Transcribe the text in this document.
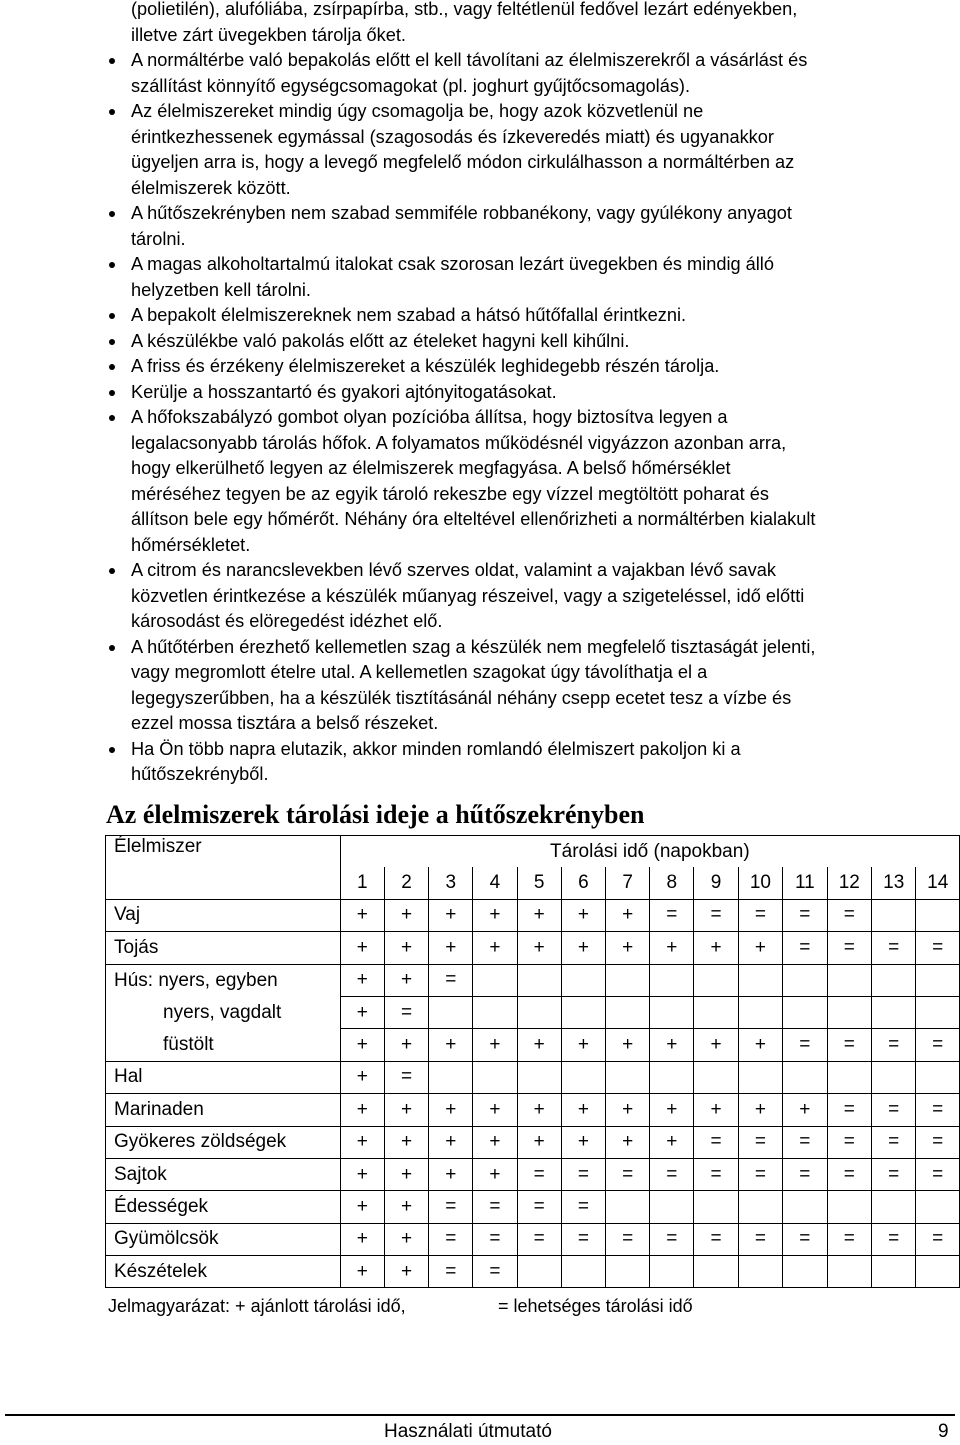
(polietilén), alufóliába, zsírpapírba, stb., vagy feltétlenül fedővel lezárt edényekben,
illetve zárt üvegekben tárolja őket.
A normáltérbe való bepakolás előtt el kell távolítani az élelmiszerekről a vásárlást és
szállítást könnyítő egységcsomagokat (pl. joghurt gyűjtőcsomagolás).
Az élelmiszereket mindig úgy csomagolja be, hogy azok közvetlenül ne
érintkezhessenek egymással (szagosodás és ízkeveredés miatt) és ugyanakkor
ügyeljen arra is, hogy a levegő megfelelő módon cirkulálhasson a normáltérben az
élelmiszerek között.
A hűtőszekrényben nem szabad semmiféle robbanékony, vagy gyúlékony anyagot
tárolni.
A magas alkoholtartalmú italokat csak szorosan lezárt üvegekben és mindig álló
helyzetben kell tárolni.
A bepakolt élelmiszereknek nem szabad a hátsó hűtőfallal érintkezni.
A készülékbe való pakolás előtt az ételeket hagyni kell kihűlni.
A friss és érzékeny élelmiszereket a készülék leghidegebb részén tárolja.
Kerülje a hosszantartó és gyakori ajtónyitogatásokat.
A hőfokszabályzó gombot olyan pozícióba állítsa, hogy biztosítva legyen a
legalacsonyabb tárolás hőfok. A folyamatos működésnél vigyázzon azonban arra,
hogy elkerülhető legyen az élelmiszerek megfagyása. A belső hőmérséklet
méréséhez tegyen be az egyik tároló rekeszbe egy vízzel megtöltött poharat és
állítson bele egy hőmérőt. Néhány óra elteltével ellenőrizheti a normáltérben kialakult
hőmérsékletet.
A citrom és narancslevekben lévő szerves oldat, valamint a vajakban lévő savak
közvetlen érintkezése a készülék műanyag részeivel, vagy a szigeteléssel, idő előtti
károsodást és elöregedést idézhet elő.
A hűtőtérben érezhető kellemetlen szag a készülék nem megfelelő tisztaságát jelenti,
vagy megromlott ételre utal. A kellemetlen szagokat úgy távolíthatja el a
legegyszerűbben, ha a készülék tisztításánál néhány csepp ecetet tesz a vízbe és
ezzel mossa tisztára a belső részeket.
Ha Ön több napra elutazik, akkor minden romlandó élelmiszert pakoljon ki a
hűtőszekrényből.
Az élelmiszerek tárolási ideje a hűtőszekrényben
Élelmiszer	Tárolási idő (napokban)													
	1	2	3	4	5	6	7	8	9	10	11	12	13	14
Vaj	+	+	+	+	+	+	+	=	=	=	=	=		
Tojás	+	+	+	+	+	+	+	+	+	+	=	=	=	=
Hús: nyers, egyben	+	+	=											
nyers, vagdalt	+	=												
füstölt	+	+	+	+	+	+	+	+	+	+	=	=	=	=
Hal	+	=												
Marinaden	+	+	+	+	+	+	+	+	+	+	+	=	=	=
Gyökeres zöldségek	+	+	+	+	+	+	+	+	=	=	=	=	=	=
Sajtok	+	+	+	+	=	=	=	=	=	=	=	=	=	=
Édességek	+	+	=	=	=	=								
Gyümölcsök	+	+	=	=	=	=	=	=	=	=	=	=	=	=
Készételek	+	+	=	=										
Jelmagyarázat: + ajánlott tárolási idő,	= lehetséges tárolási idő
Használati útmutató	9
